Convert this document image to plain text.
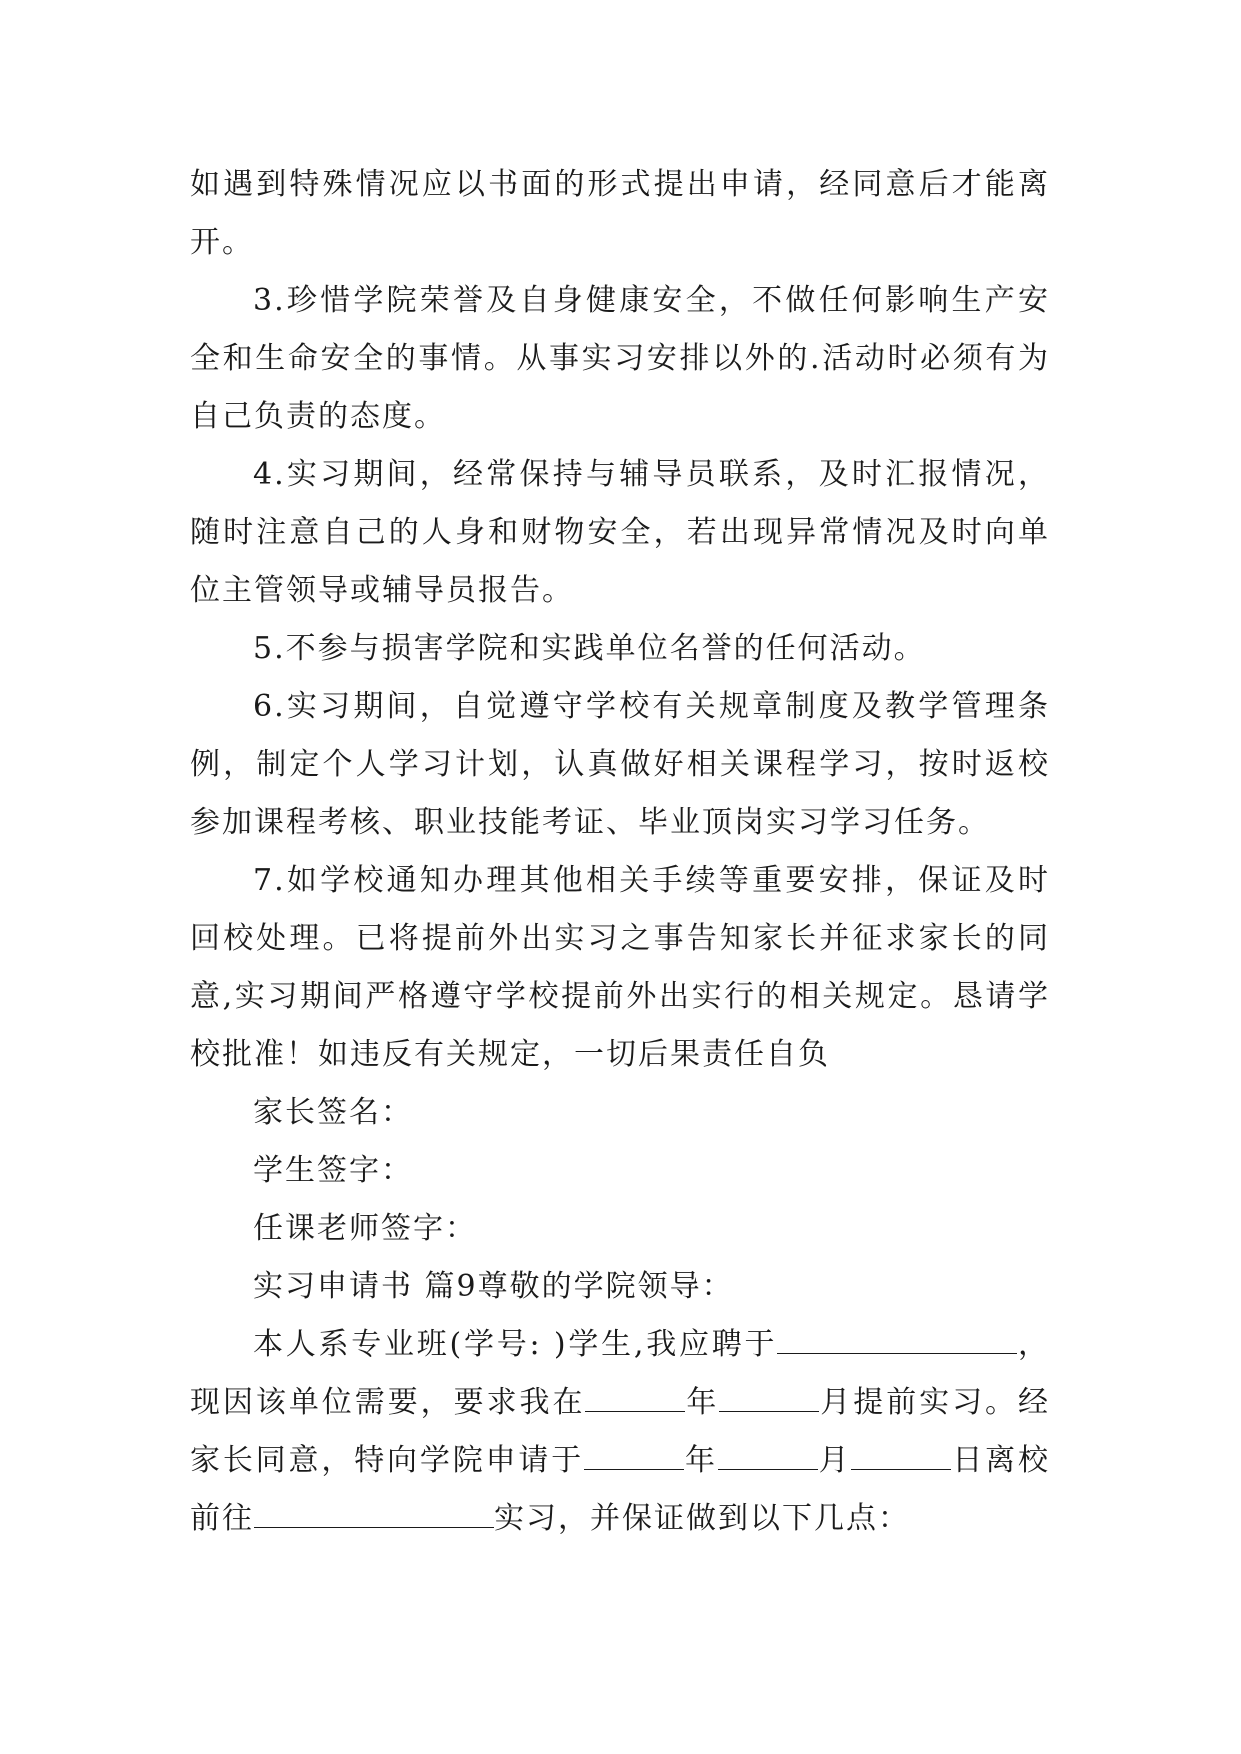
如遇到特殊情况应以书面的形式提出申请，经同意后才能离开。

3.珍惜学院荣誉及自身健康安全，不做任何影响生产安全和生命安全的事情。从事实习安排以外的.活动时必须有为自己负责的态度。

4.实习期间，经常保持与辅导员联系，及时汇报情况，随时注意自己的人身和财物安全，若出现异常情况及时向单位主管领导或辅导员报告。

5.不参与损害学院和实践单位名誉的任何活动。

6.实习期间，自觉遵守学校有关规章制度及教学管理条例，制定个人学习计划，认真做好相关课程学习，按时返校参加课程考核、职业技能考证、毕业顶岗实习学习任务。

7.如学校通知办理其他相关手续等重要安排，保证及时回校处理。已将提前外出实习之事告知家长并征求家长的同意,实习期间严格遵守学校提前外出实行的相关规定。恳请学校批准！如违反有关规定，一切后果责任自负

家长签名：

学生签字：

任课老师签字：

实习申请书 篇9尊敬的学院领导：

本人系专业班(学号: )学生,我应聘于	，现因该单位需要，要求我在	年	月提前实习。经家长同意，特向学院申请于	年	月	日离校前往	实习，并保证做到以下几点：
